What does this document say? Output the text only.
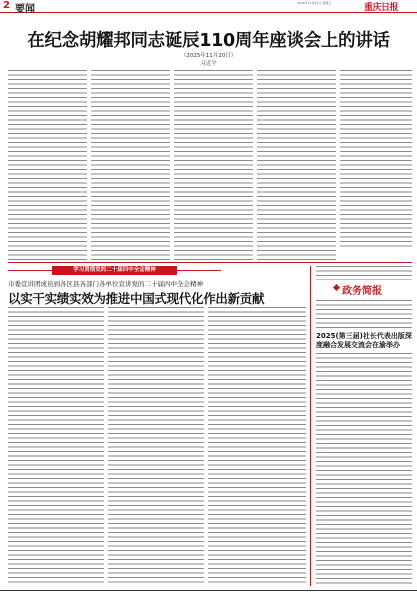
2 要闻
2025年11月21日 星期五	重庆日报
在纪念胡耀邦同志诞辰110周年座谈会上的讲话
（2025年11月20日）
习近平
学习贯彻党的二十届四中全会精神
市委宣讲团成员到各区县各部门各单位宣讲党的二十届四中全会精神
以实干实绩实效为推进中国式现代化作出新贡献	政务简报
2025(第三届)社长代表出版深度融合发展交流会在渝举办
